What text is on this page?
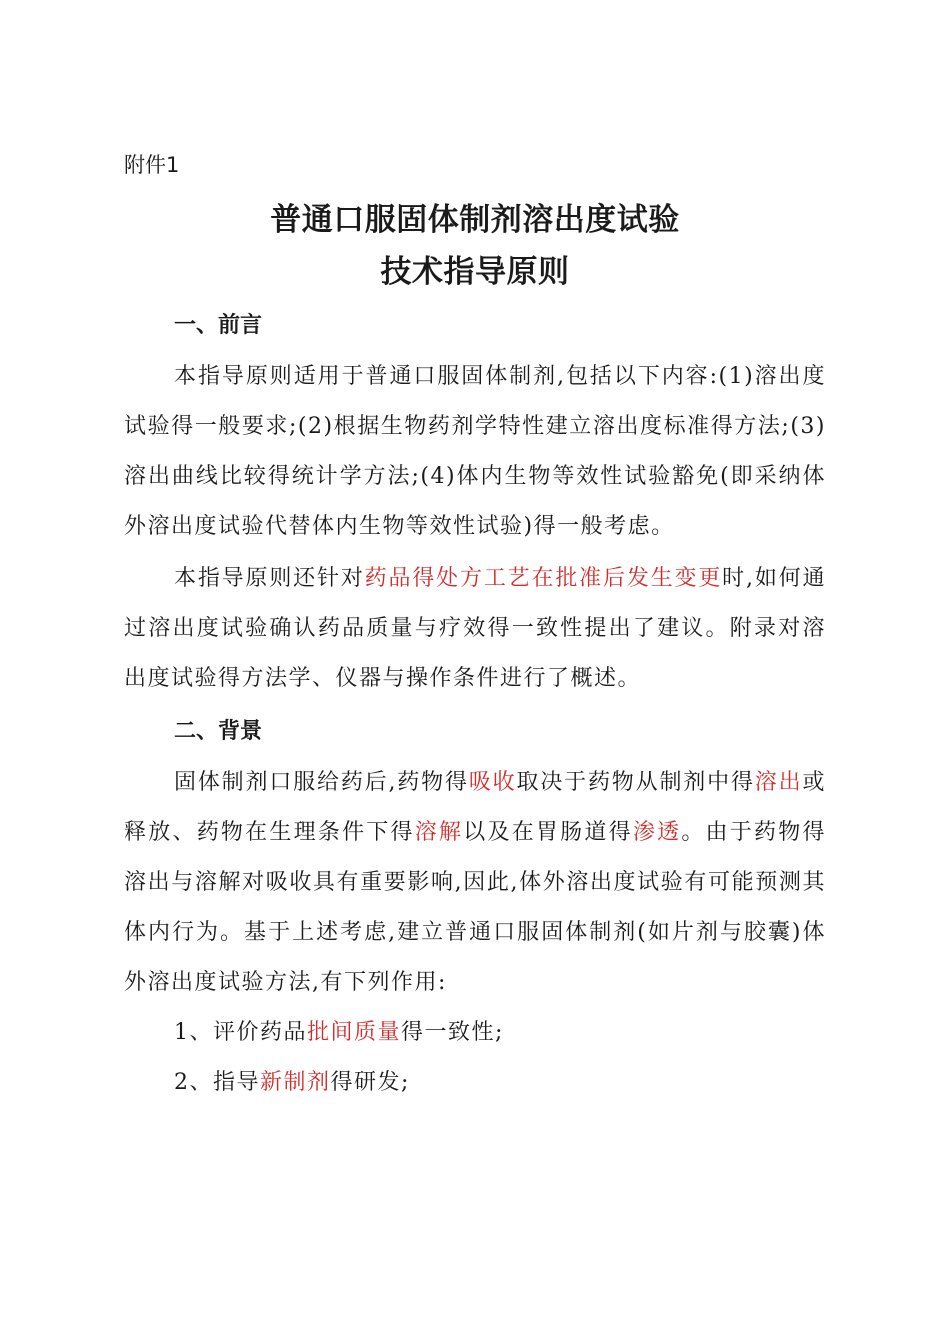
附件1
普通口服固体制剂溶出度试验
技术指导原则
一、前言

本指导原则适用于普通口服固体制剂,包括以下内容:(1)溶出度试验得一般要求;(2)根据生物药剂学特性建立溶出度标准得方法;(3)溶出曲线比较得统计学方法;(4)体内生物等效性试验豁免(即采纳体外溶出度试验代替体内生物等效性试验)得一般考虑。

本指导原则还针对药品得处方工艺在批准后发生变更时,如何通过溶出度试验确认药品质量与疗效得一致性提出了建议。附录对溶出度试验得方法学、仪器与操作条件进行了概述。

二、背景

固体制剂口服给药后,药物得吸收取决于药物从制剂中得溶出或释放、药物在生理条件下得溶解以及在胃肠道得渗透。由于药物得溶出与溶解对吸收具有重要影响,因此,体外溶出度试验有可能预测其体内行为。基于上述考虑,建立普通口服固体制剂(如片剂与胶囊)体外溶出度试验方法,有下列作用:

1、评价药品批间质量得一致性;

2、指导新制剂得研发;
